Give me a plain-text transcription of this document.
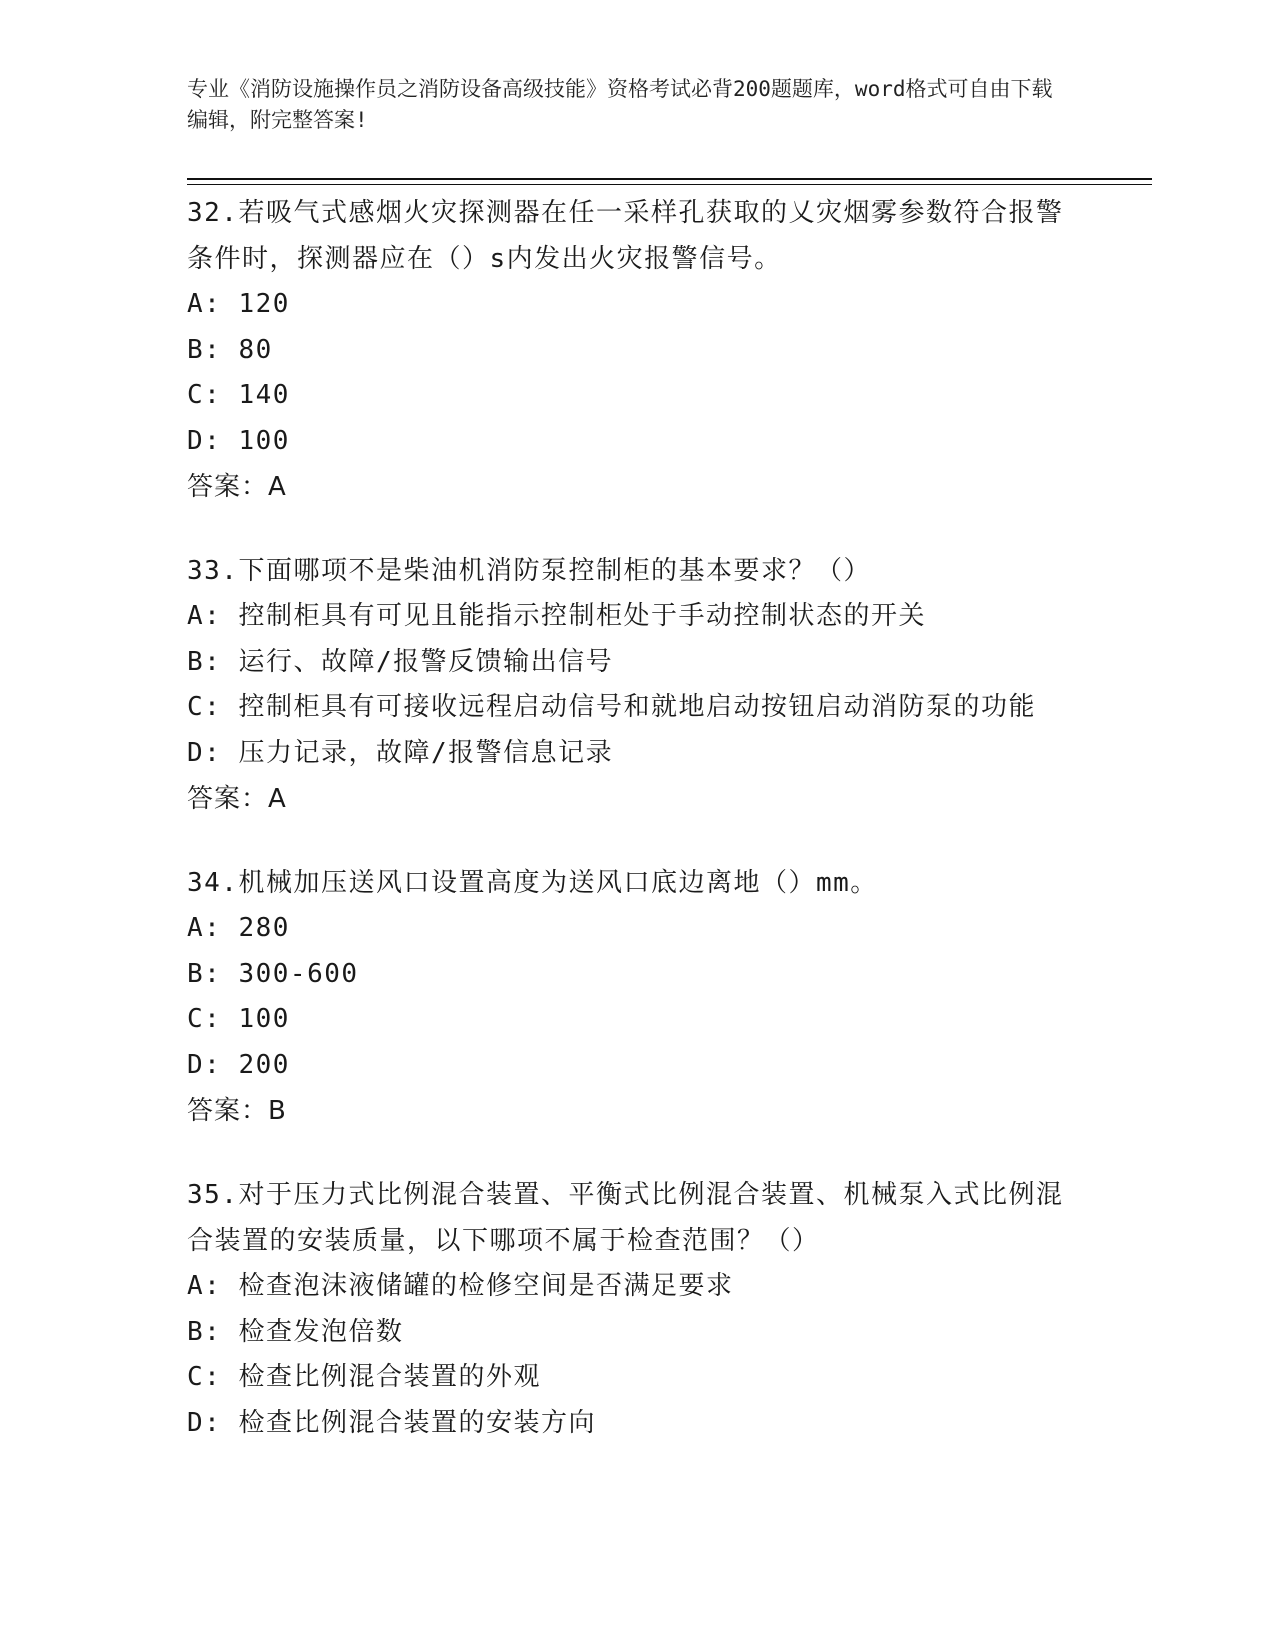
专业《消防设施操作员之消防设备高级技能》资格考试必背200题题库，word格式可自由下载编辑，附完整答案!

32.若吸气式感烟火灾探测器在任一采样孔获取的乂灾烟雾参数符合报警条件时，探测器应在（）s内发出火灾报警信号。

A: 120

B: 80

C: 140

D: 100

答案：A

33.下面哪项不是柴油机消防泵控制柜的基本要求？（）

A: 控制柜具有可见且能指示控制柜处于手动控制状态的开关

B: 运行、故障/报警反馈输出信号

C: 控制柜具有可接收远程启动信号和就地启动按钮启动消防泵的功能

D: 压力记录，故障/报警信息记录

答案：A

34.机械加压送风口设置高度为送风口底边离地（）mm。

A: 280

B: 300-600

C: 100

D: 200

答案：B

35.对于压力式比例混合装置、平衡式比例混合装置、机械泵入式比例混合装置的安装质量，以下哪项不属于检查范围？（）

A: 检查泡沫液储罐的检修空间是否满足要求

B: 检查发泡倍数

C: 检查比例混合装置的外观

D: 检查比例混合装置的安装方向
